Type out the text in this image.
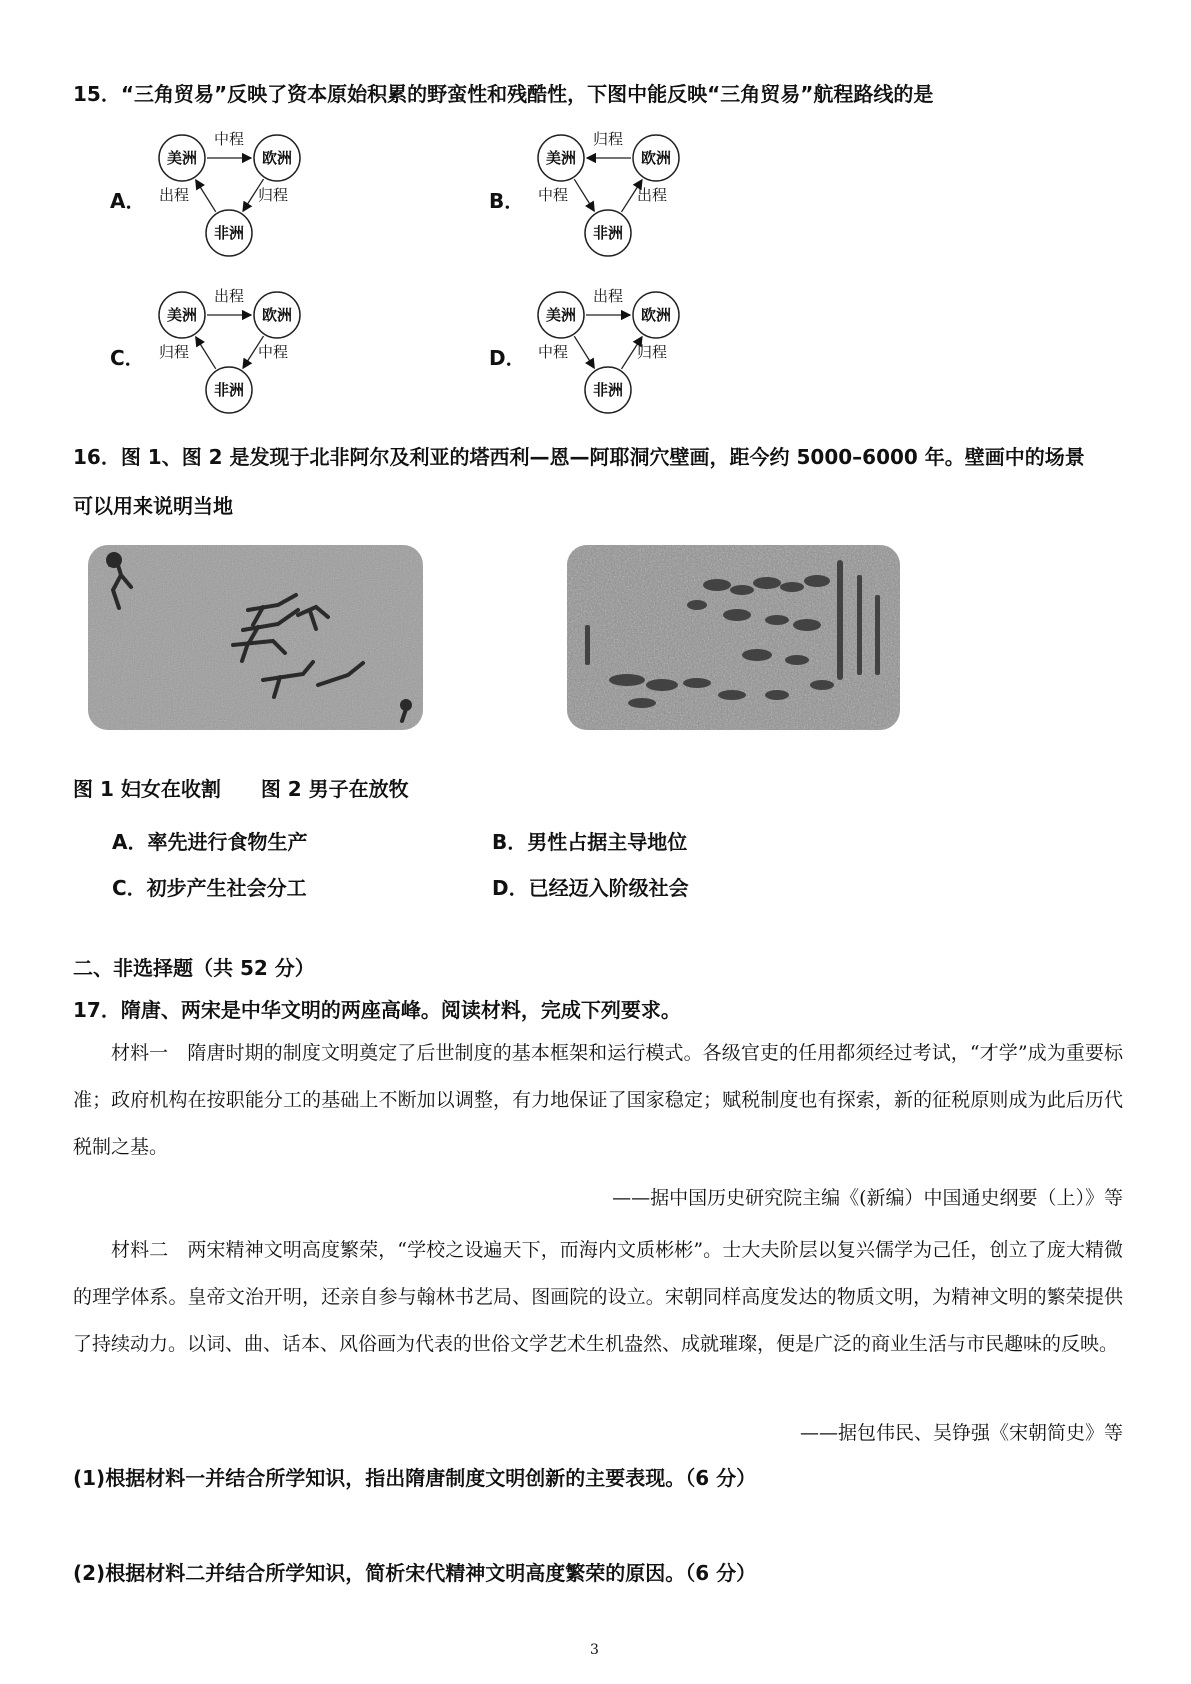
15．“三角贸易”反映了资本原始积累的野蛮性和残酷性，下图中能反映“三角贸易”航程路线的是
A．
美洲	欧洲
非洲
中程
归程
出程	B．
美洲	欧洲
非洲
归程
出程
中程
C．
美洲	欧洲
非洲
出程
中程
归程	D．
美洲	欧洲
非洲
出程
归程
中程
16．图 1、图 2 是发现于北非阿尔及利亚的塔西利—恩—阿耶洞穴壁画，距今约 5000–6000 年。壁画中的场景
可以用来说明当地
图 1 妇女在收割　　图 2 男子在放牧
A．率先进行食物生产	B．男性占据主导地位
C．初步产生社会分工	D．已经迈入阶级社会
二、非选择题（共 52 分）
17．隋唐、两宋是中华文明的两座高峰。阅读材料，完成下列要求。
材料一　隋唐时期的制度文明奠定了后世制度的基本框架和运行模式。各级官吏的任用都须经过考试，“才学”成为重要标准；政府机构在按职能分工的基础上不断加以调整，有力地保证了国家稳定；赋税制度也有探索，新的征税原则成为此后历代税制之基。
——据中国历史研究院主编《(新编）中国通史纲要（上）》等
材料二　两宋精神文明高度繁荣，“学校之设遍天下，而海内文质彬彬”。士大夫阶层以复兴儒学为己任，创立了庞大精微的理学体系。皇帝文治开明，还亲自参与翰林书艺局、图画院的设立。宋朝同样高度发达的物质文明，为精神文明的繁荣提供了持续动力。以词、曲、话本、风俗画为代表的世俗文学艺术生机盎然、成就璀璨，便是广泛的商业生活与市民趣味的反映。
——据包伟民、吴铮强《宋朝简史》等
(1)根据材料一并结合所学知识，指出隋唐制度文明创新的主要表现。（6 分）
(2)根据材料二并结合所学知识，简析宋代精神文明高度繁荣的原因。（6 分）
3
